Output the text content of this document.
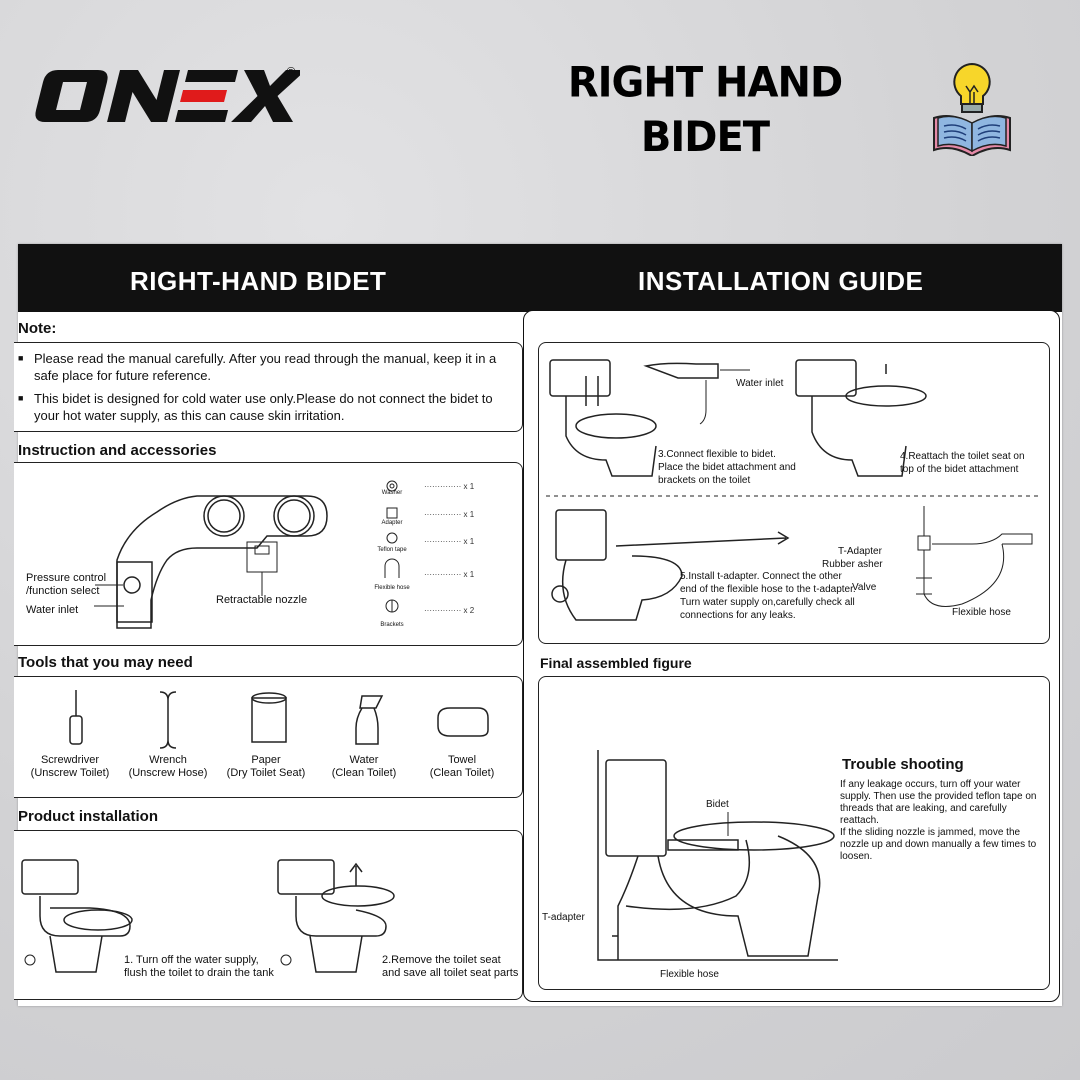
®	RIGHT HAND
BIDET
RIGHT-HAND BIDET	INSTALLATION GUIDE
Note:
■ Please read the manual carefully. After you read through the manual, keep it in a safe place for future reference.
■ This bidet is designed for cold water use only.Please do not connect the bidet to your hot water supply, as this can cause skin irritation.
Instruction and accessories
Pressure control /function select
Water inlet
Retractable nozzle
Washer
Adapter
Teflon tape
Flexible hose
Brackets
·············· x 1
·············· x 1
·············· x 1
·············· x 1
·············· x 2
Tools that you may need
Screwdriver
(Unscrew Toilet)
Wrench
(Unscrew Hose)
Paper
(Dry Toilet Seat)
Water
(Clean Toilet)
Towel
(Clean Toilet)
Product installation
1. Turn off the water supply, flush the toilet to drain the tank
2.Remove the toilet seat and save all toilet seat parts
Water inlet
3.Connect flexible to bidet. Place the bidet attachment and brackets on the toilet
4.Reattach the toilet seat on top of the bidet attachment
5.Install t-adapter. Connect the other end of the flexible hose to the t-adapter. Turn water supply on,carefully check all connections for any leaks.
T-Adapter
Rubber asher
Valve
Flexible hose
Final assembled figure
Bidet
T-adapter
Flexible hose
Trouble shooting
If any leakage occurs, turn off your water supply. Then use the provided teflon tape on threads that are leaking, and carefully reattach.
If the sliding nozzle is jammed, move the nozzle up and down manually a few times to loosen.
